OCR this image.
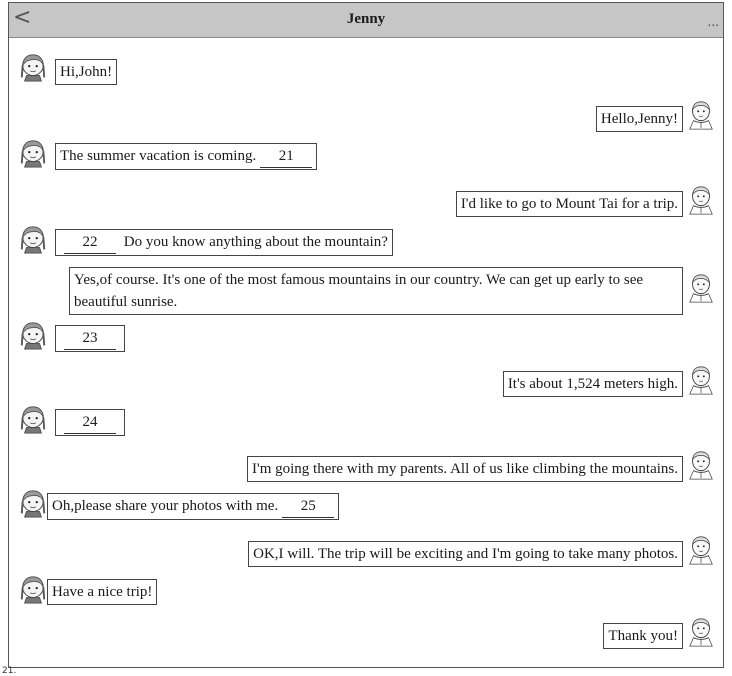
<	Jenny	...
Hi,John!
Hello,Jenny!
The summer vacation is coming. 21
I'd like to go to Mount Tai for a trip.
22 Do you know anything about the mountain?
Yes,of course. It's one of the most famous mountains in our country. We can get up early to see beautiful sunrise.
23
It's about 1,524 meters high.
24
I'm going there with my parents. All of us like climbing the mountains.
Oh,please share your photos with me. 25
OK,I will. The trip will be exciting and I'm going to take many photos.
Have a nice trip!
Thank you!
21.
